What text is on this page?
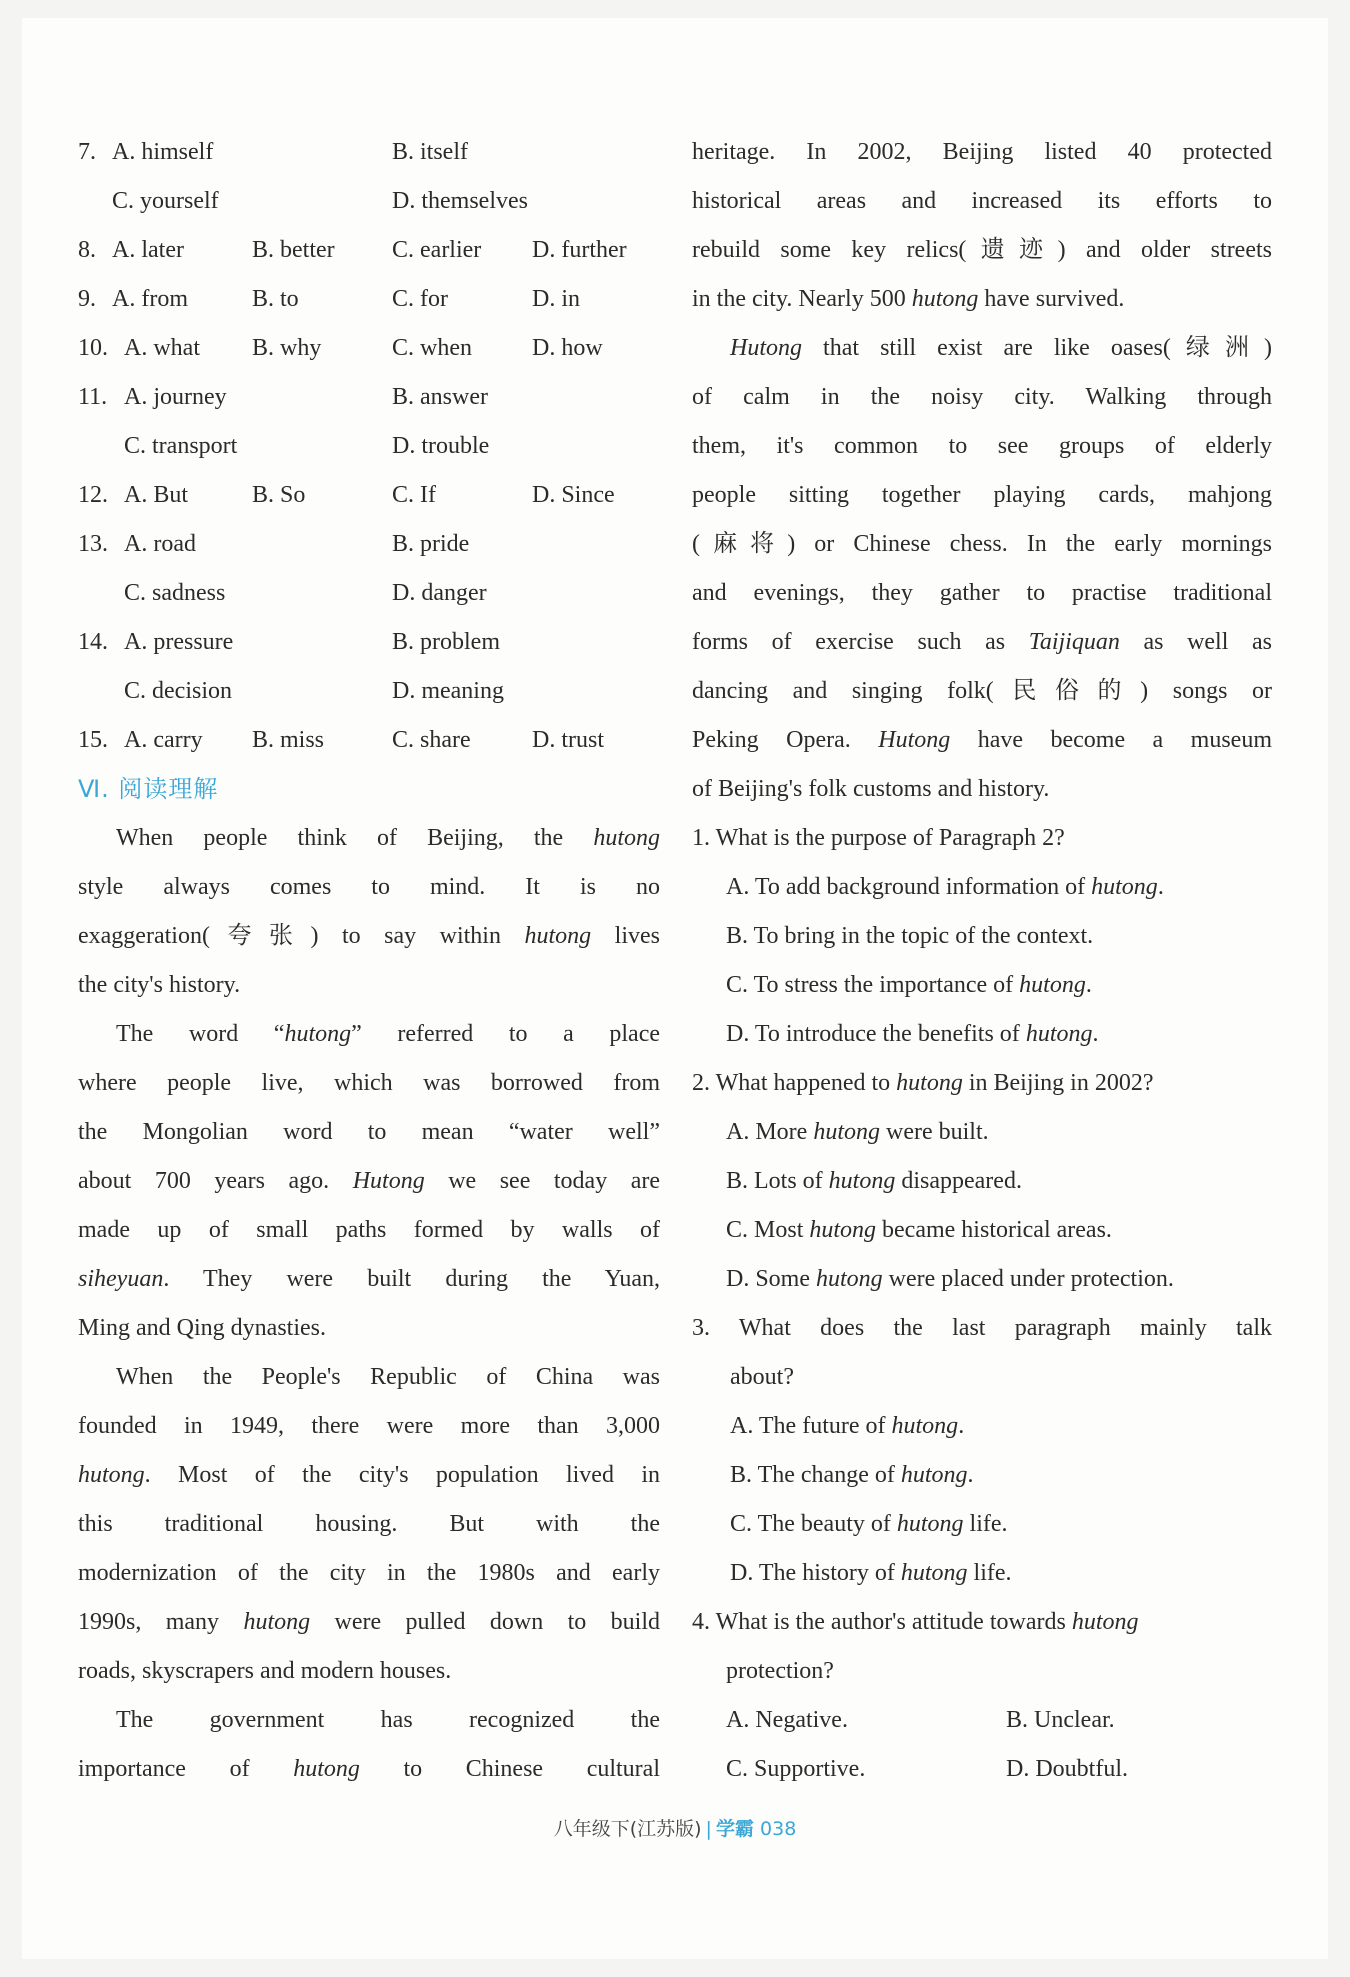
7. A. himself	B. itself
C. yourself	D. themselves
8. A. later	B. better C. earlier D. further
9. A. from	B. to	C. for	D. in
10. A. what B. why	C. when	D. how
11. A. journey	B. answer
C. transport	D. trouble
12. A. But	B. So	C. If	D. Since
13. A. road	B. pride
C. sadness	D. danger
14. A. pressure	B. problem
C. decision	D. meaning
15. A. carry B. miss	C. share	D. trust
Ⅵ. 阅读理解
When people think of Beijing, the hutong
style always comes to mind. It is no
exaggeration(夸张) to say within hutong lives
the city's history.
The word “hutong” referred to a place
where people live, which was borrowed from
the Mongolian word to mean “water well”
about 700 years ago. Hutong we see today are
made up of small paths formed by walls of
siheyuan. They were built during the Yuan,
Ming and Qing dynasties.
When the People's Republic of China was
founded in 1949, there were more than 3,000
hutong. Most of the city's population lived in
this traditional housing. But with the
modernization of the city in the 1980s and early
1990s, many hutong were pulled down to build
roads, skyscrapers and modern houses.
The government has recognized the
importance of hutong to Chinese cultural
heritage. In 2002, Beijing listed 40 protected
historical areas and increased its efforts to
rebuild some key relics(遗迹) and older streets
in the city. Nearly 500 hutong have survived.
Hutong that still exist are like oases(绿洲)
of calm in the noisy city. Walking through
them, it's common to see groups of elderly
people sitting together playing cards, mahjong
(麻将) or Chinese chess. In the early mornings
and evenings, they gather to practise traditional
forms of exercise such as Taijiquan as well as
dancing and singing folk(民俗的) songs or
Peking Opera. Hutong have become a museum
of Beijing's folk customs and history.
1. What is the purpose of Paragraph 2?
A. To add background information of hutong.
B. To bring in the topic of the context.
C. To stress the importance of hutong.
D. To introduce the benefits of hutong.
2. What happened to hutong in Beijing in 2002?
A. More hutong were built.
B. Lots of hutong disappeared.
C. Most hutong became historical areas.
D. Some hutong were placed under protection.
3. What does the last paragraph mainly talk
about?
A. The future of hutong.
B. The change of hutong.
C. The beauty of hutong life.
D. The history of hutong life.
4. What is the author's attitude towards hutong
protection?
A. Negative.	B. Unclear.
C. Supportive.	D. Doubtful.
八年级下(江苏版) | 学霸 038
